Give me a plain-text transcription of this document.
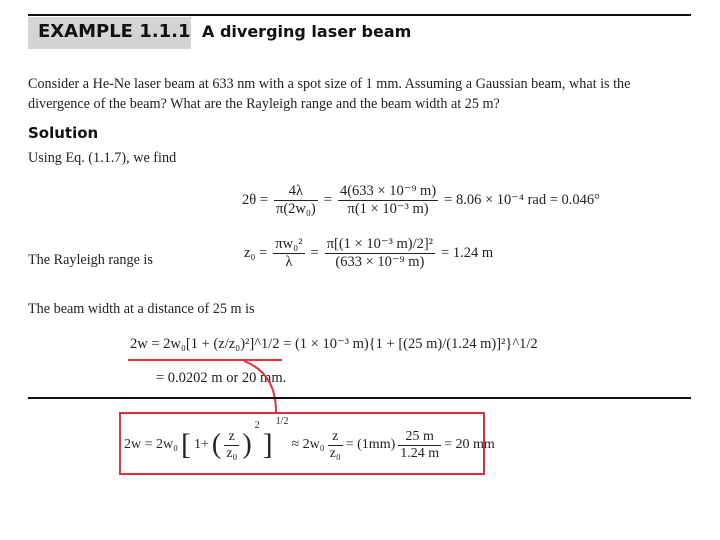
EXAMPLE 1.1.1 A diverging laser beam
Consider a He-Ne laser beam at 633 nm with a spot size of 1 mm. Assuming a Gaussian beam, what is the divergence of the beam? What are the Rayleigh range and the beam width at 25 m?
Solution
Using Eq. (1.1.7), we find
$2\theta = \frac{4\lambda}{\text{π(2w₀)}} = \frac{\text{4(633 × 10⁻⁹ m)}}{\text{π(1 × 10⁻³ m)}} = 8.06 \times 10^{-4}$ rad = 0.046°
The Rayleigh range is	$z_0 = \frac{\text{πw₀²}}{\lambda} = \frac{\text{π[(1 × 10⁻³ m)/2]²}}{\text{(633 × 10⁻⁹ m)}} = 1.24$ m
The beam width at a distance of 25 m is
2w = 2w₀[1 + (z/z₀)²]^1/2 = (1 × 10⁻³ m){1 + [(25 m)/(1.24 m)]²}^1/2
= 0.0202 m or 20 mm.
2w = 2w₀ [ 1+ ( $\frac{z}{\text{z₀}}$ )
2
]
1/2
≈ $2w_0 \frac{z}{\text{z₀}} = (1mm) \frac{25 m}{1.24 m} = 20$ mm
